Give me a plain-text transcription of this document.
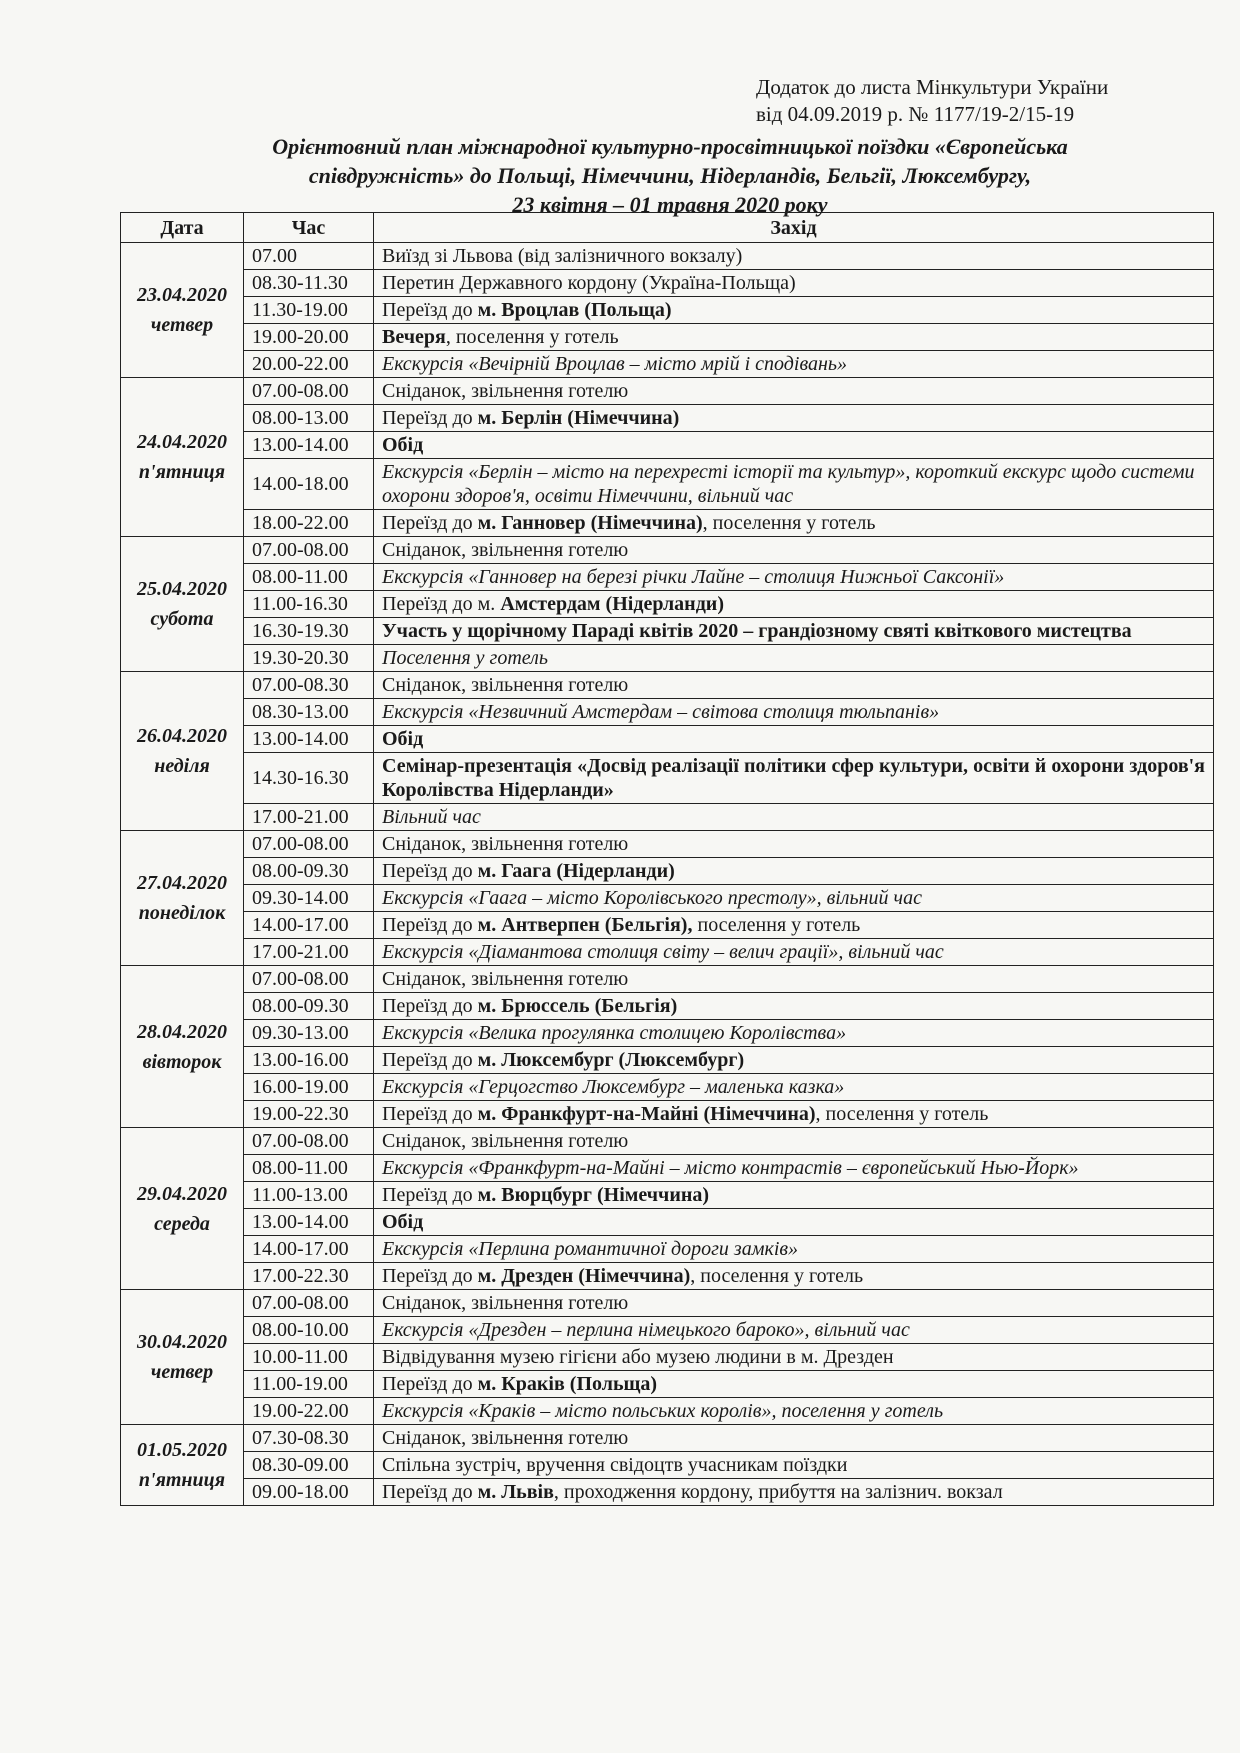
Додаток до листа Мінкультури України
від 04.09.2019 р. № 1177/19-2/15-19
Орієнтовний план міжнародної культурно-просвітницької поїздки «Європейська
співдружність» до Польщі, Німеччини, Нідерландів, Бельгії, Люксембургу,
23 квітня – 01 травня 2020 року
Дата	Час	Захід

23.04.2020
четвер	07.00	Виїзд зі Львова (від залізничного вокзалу)
	08.30-11.30	Перетин Державного кордону (Україна-Польща)
	11.30-19.00	Переїзд до м. Вроцлав (Польща)
	19.00-20.00	Вечеря, поселення у готель
	20.00-22.00	Екскурсія «Вечірній Вроцлав – місто мрій і сподівань»

24.04.2020
п'ятниця	07.00-08.00	Сніданок, звільнення готелю
	08.00-13.00	Переїзд до м. Берлін (Німеччина)
	13.00-14.00	Обід
	14.00-18.00	Екскурсія «Берлін – місто на перехресті історії та культур», короткий екскурс щодо системи охорони здоров'я, освіти Німеччини, вільний час
	18.00-22.00	Переїзд до м. Ганновер (Німеччина), поселення у готель

25.04.2020
субота	07.00-08.00	Сніданок, звільнення готелю
	08.00-11.00	Екскурсія «Ганновер на березі річки Лайне – столиця Нижньої Саксонії»
	11.00-16.30	Переїзд до м. Амстердам (Нідерланди)
	16.30-19.30	Участь у щорічному Параді квітів 2020 – грандіозному святі квіткового мистецтва
	19.30-20.30	Поселення у готель

26.04.2020
неділя	07.00-08.30	Сніданок, звільнення готелю
	08.30-13.00	Екскурсія «Незвичний Амстердам – світова столиця тюльпанів»
	13.00-14.00	Обід
	14.30-16.30	Семінар-презентація «Досвід реалізації політики сфер культури, освіти й охорони здоров'я Королівства Нідерланди»
	17.00-21.00	Вільний час

27.04.2020
понеділок	07.00-08.00	Сніданок, звільнення готелю
	08.00-09.30	Переїзд до м. Гаага (Нідерланди)
	09.30-14.00	Екскурсія «Гаага – місто Королівського престолу», вільний час
	14.00-17.00	Переїзд до м. Антверпен (Бельгія), поселення у готель
	17.00-21.00	Екскурсія «Діамантова столиця світу – велич грації», вільний час

28.04.2020
вівторок	07.00-08.00	Сніданок, звільнення готелю
	08.00-09.30	Переїзд до м. Брюссель (Бельгія)
	09.30-13.00	Екскурсія «Велика прогулянка столицею Королівства»
	13.00-16.00	Переїзд до м. Люксембург (Люксембург)
	16.00-19.00	Екскурсія «Герцогство Люксембург – маленька казка»
	19.00-22.30	Переїзд до м. Франкфурт-на-Майні (Німеччина), поселення у готель

29.04.2020
середа	07.00-08.00	Сніданок, звільнення готелю
	08.00-11.00	Екскурсія «Франкфурт-на-Майні – місто контрастів – європейський Нью-Йорк»
	11.00-13.00	Переїзд до м. Вюрцбург (Німеччина)
	13.00-14.00	Обід
	14.00-17.00	Екскурсія «Перлина романтичної дороги замків»
	17.00-22.30	Переїзд до м. Дрезден (Німеччина), поселення у готель

30.04.2020
четвер	07.00-08.00	Сніданок, звільнення готелю
	08.00-10.00	Екскурсія «Дрезден – перлина німецького бароко», вільний час
	10.00-11.00	Відвідування музею гігієни або музею людини в м. Дрезден
	11.00-19.00	Переїзд до м. Краків (Польща)
	19.00-22.00	Екскурсія «Краків – місто польських королів», поселення у готель

01.05.2020
п'ятниця	07.30-08.30	Сніданок, звільнення готелю
	08.30-09.00	Спільна зустріч, вручення свідоцтв учасникам поїздки
	09.00-18.00	Переїзд до м. Львів, проходження кордону, прибуття на залізнич. вокзал
